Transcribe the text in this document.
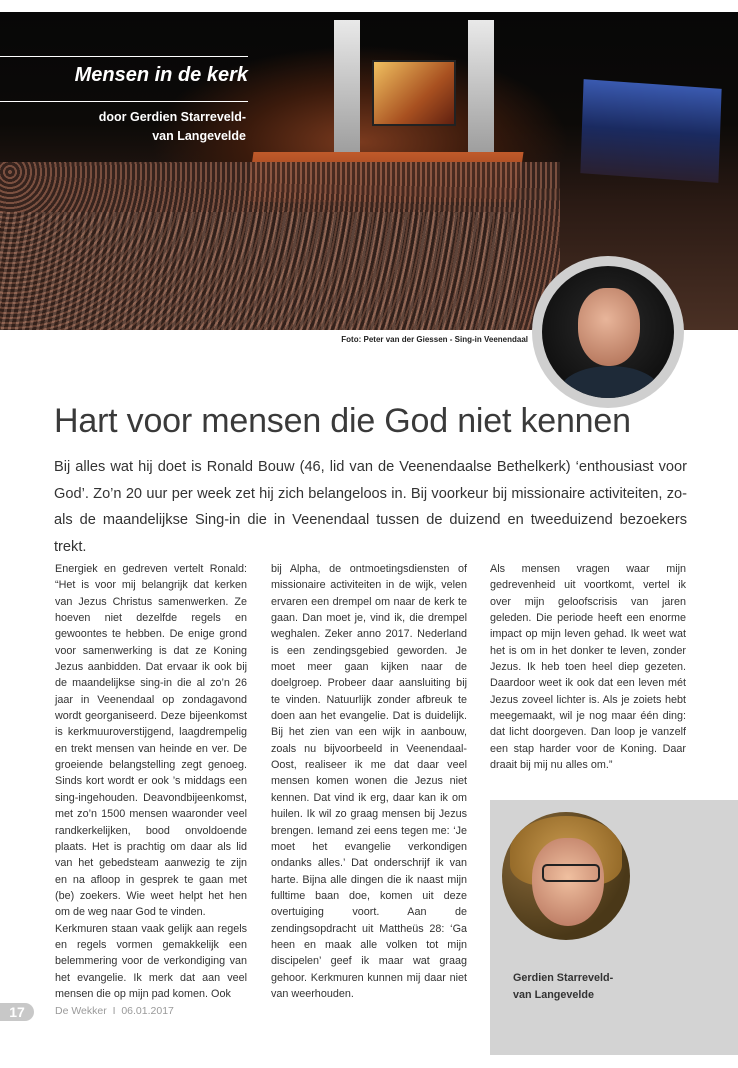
Mensen in de kerk
door Gerdien Starreveld-
van Langevelde
Foto: Peter van der Giessen - Sing-in Veenendaal
Hart voor mensen die God niet kennen
Bij alles wat hij doet is Ronald Bouw (46, lid van de Veenendaalse Bethelkerk) ‘enthousiast voor God’. Zo’n 20 uur per week zet hij zich belangeloos in. Bij voorkeur bij missionaire activiteiten, zo-als de maandelijkse Sing-in die in Veenendaal tussen de duizend en tweeduizend bezoekers trekt.

Energiek en gedreven vertelt Ronald: “Het is voor mij belangrijk dat kerken van Jezus Christus samenwerken. Ze hoeven niet dezelfde regels en gewoontes te hebben. De enige grond voor samenwerking is dat ze Koning Jezus aanbidden. Dat ervaar ik ook bij de maandelijkse sing-in die al zo’n 26 jaar in Veenendaal op zondagavond wordt georganiseerd. Deze bijeenkomst is kerkmuuroverstijgend, laagdrempelig en trekt mensen van heinde en ver. De groeiende belangstelling zegt genoeg. Sinds kort wordt er ook ’s middags een sing-ingehouden. Deavondbijeenkomst, met zo’n 1500 mensen waaronder veel randkerkelijken, bood onvoldoende plaats. Het is prachtig om daar als lid van het gebedsteam aanwezig te zijn en na afloop in gesprek te gaan met (be) zoekers. Wie weet helpt het hen om de weg naar God te vinden.

Kerkmuren staan vaak gelijk aan regels en regels vormen gemakkelijk een belemmering voor de verkondiging van het evangelie. Ik merk dat aan veel mensen die op mijn pad komen. Ook

bij Alpha, de ontmoetingsdiensten of missionaire activiteiten in de wijk, velen ervaren een drempel om naar de kerk te gaan. Dan moet je, vind ik, die drempel weghalen. Zeker anno 2017. Nederland is een zendingsgebied geworden. Je moet meer gaan kijken naar de doelgroep. Probeer daar aansluiting bij te vinden. Natuurlijk zonder afbreuk te doen aan het evangelie. Dat is duidelijk. Bij het zien van een wijk in aanbouw, zoals nu bijvoorbeeld in Veenendaal-Oost, realiseer ik me dat daar veel mensen komen wonen die Jezus niet kennen. Dat vind ik erg, daar kan ik om huilen. Ik wil zo graag mensen bij Jezus brengen. Iemand zei eens tegen me: ‘Je moet het evangelie verkondigen ondanks alles.’ Dat onderschrijf ik van harte. Bijna alle dingen die ik naast mijn fulltime baan doe, komen uit deze overtuiging voort. Aan de zendingsopdracht uit Mattheüs 28: ‘Ga heen en maak alle volken tot mijn discipelen’ geef ik maar wat graag gehoor. Kerkmuren kunnen mij daar niet van weerhouden.

Als mensen vragen waar mijn gedrevenheid uit voortkomt, vertel ik over mijn geloofscrisis van jaren geleden. Die periode heeft een enorme impact op mijn leven gehad. Ik weet wat het is om in het donker te leven, zonder Jezus. Ik heb toen heel diep gezeten. Daardoor weet ik ook dat een leven mét Jezus zoveel lichter is. Als je zoiets hebt meegemaakt, wil je nog maar één ding: dat licht doorgeven. Dan loop je vanzelf een stap harder voor de Koning. Daar draait bij mij nu alles om.”

Gerdien Starreveld-
van Langevelde
17	De Wekker  I  06.01.2017
